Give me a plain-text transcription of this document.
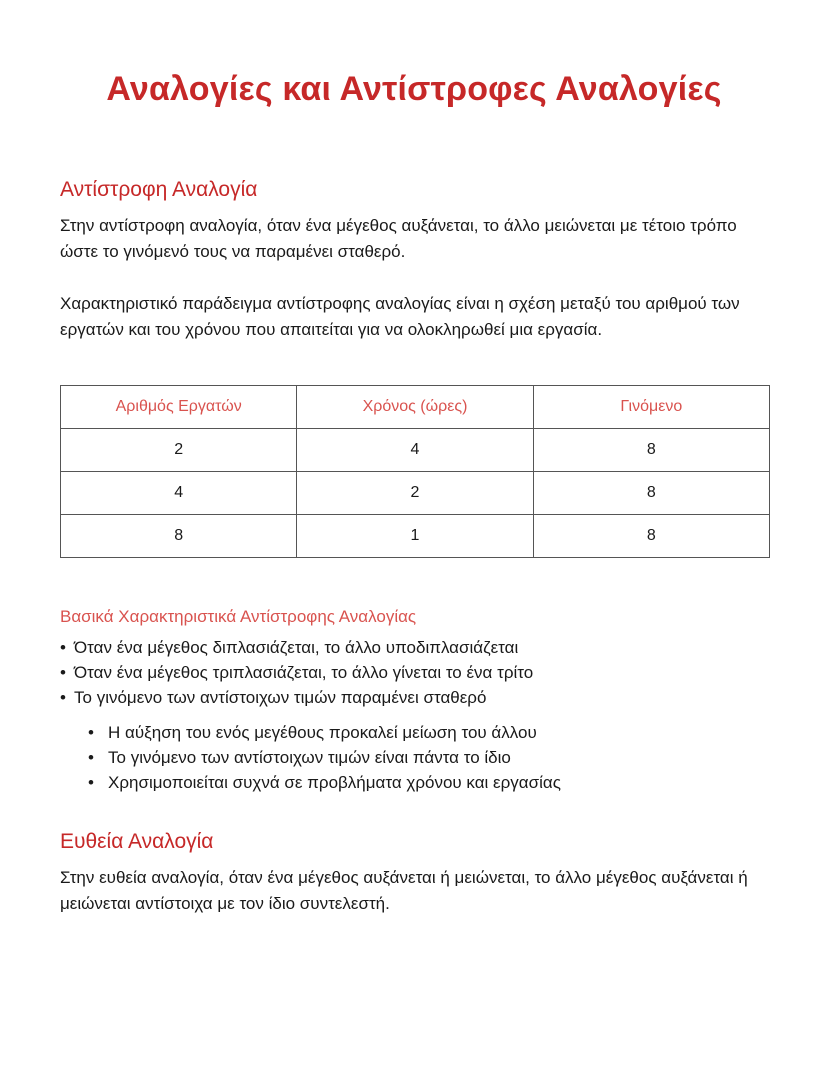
Αναλογίες και Αντίστροφες Αναλογίες
Αντίστροφη Αναλογία

Στην αντίστροφη αναλογία, όταν ένα μέγεθος αυξάνεται, το άλλο μειώνεται με τέτοιο τρόπο ώστε το γινόμενό τους να παραμένει σταθερό.

Χαρακτηριστικό παράδειγμα αντίστροφης αναλογίας είναι η σχέση μεταξύ του αριθμού των εργατών και του χρόνου που απαιτείται για να ολοκληρωθεί μια εργασία.

Αριθμός Εργατών	Χρόνος (ώρες)	Γινόμενο
2	4	8
4	2	8
8	1	8
Βασικά Χαρακτηριστικά Αντίστροφης Αναλογίας
• Όταν ένα μέγεθος διπλασιάζεται, το άλλο υποδιπλασιάζεται
• Όταν ένα μέγεθος τριπλασιάζεται, το άλλο γίνεται το ένα τρίτο
• Το γινόμενο των αντίστοιχων τιμών παραμένει σταθερό
• Η αύξηση του ενός μεγέθους προκαλεί μείωση του άλλου
• Το γινόμενο των αντίστοιχων τιμών είναι πάντα το ίδιο
• Χρησιμοποιείται συχνά σε προβλήματα χρόνου και εργασίας
Ευθεία Αναλογία

Στην ευθεία αναλογία, όταν ένα μέγεθος αυξάνεται ή μειώνεται, το άλλο μέγεθος αυξάνεται ή μειώνεται αντίστοιχα με τον ίδιο συντελεστή.
